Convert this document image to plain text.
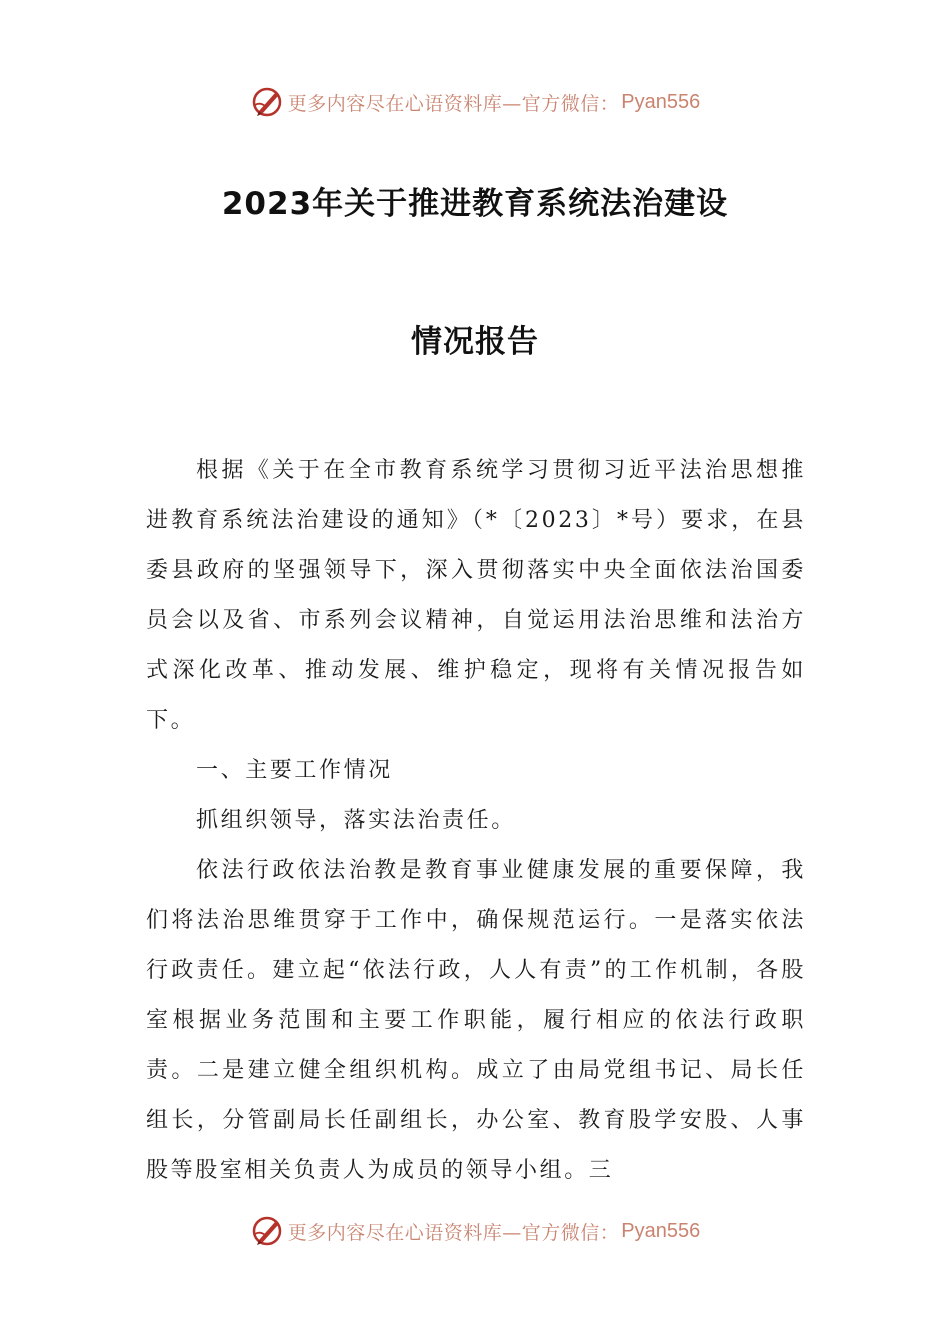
更多内容尽在心语资料库—官方微信： Pyan556
2023年关于推进教育系统法治建设
情况报告

根据《关于在全市教育系统学习贯彻习近平法治思想推进教育系统法治建设的通知》（*〔2023〕*号）要求，在县委县政府的坚强领导下，深入贯彻落实中央全面依法治国委员会以及省、市系列会议精神，自觉运用法治思维和法治方式深化改革、推动发展、维护稳定，现将有关情况报告如下。

一、主要工作情况

抓组织领导，落实法治责任。

依法行政依法治教是教育事业健康发展的重要保障，我们将法治思维贯穿于工作中，确保规范运行。一是落实依法行政责任。建立起“依法行政，人人有责”的工作机制，各股室根据业务范围和主要工作职能，履行相应的依法行政职责。二是建立健全组织机构。成立了由局党组书记、局长任组长，分管副局长任副组长，办公室、教育股学安股、人事股等股室相关负责人为成员的领导小组。三

更多内容尽在心语资料库—官方微信： Pyan556
